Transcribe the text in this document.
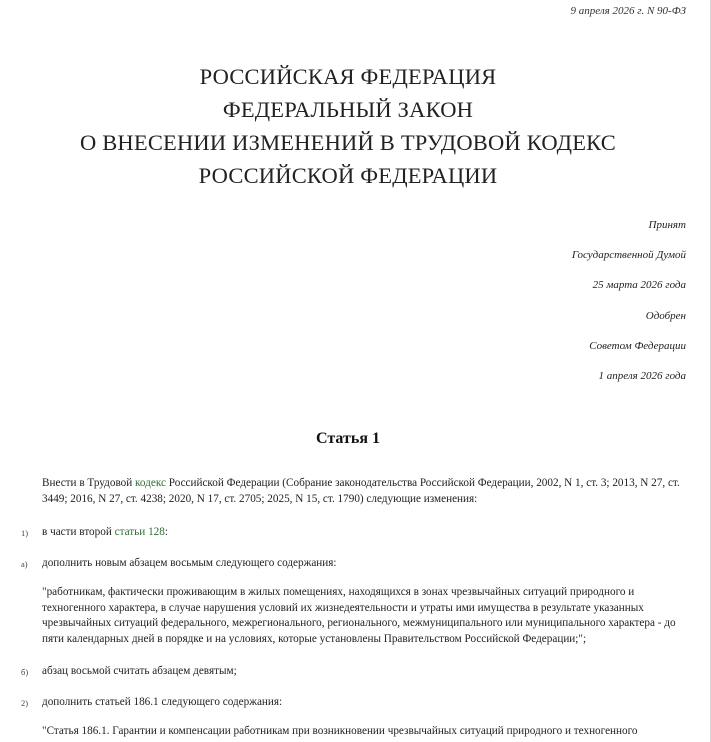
9 апреля 2026 г. N 90-ФЗ
РОССИЙСКАЯ ФЕДЕРАЦИЯ
ФЕДЕРАЛЬНЫЙ ЗАКОН
О ВНЕСЕНИИ ИЗМЕНЕНИЙ В ТРУДОВОЙ КОДЕКС
РОССИЙСКОЙ ФЕДЕРАЦИИ
Принят
Государственной Думой
25 марта 2026 года
Одобрен
Советом Федерации
1 апреля 2026 года
Статья 1
Внести в Трудовой кодекс Российской Федерации (Собрание законодательства Российской Федерации, 2002, N 1, ст. 3; 2013, N 27, ст. 3449; 2016, N 27, ст. 4238; 2020, N 17, ст. 2705; 2025, N 15, ст. 1790) следующие изменения:
1) в части второй статьи 128:
а) дополнить новым абзацем восьмым следующего содержания:
"работникам, фактически проживающим в жилых помещениях, находящихся в зонах чрезвычайных ситуаций природного и техногенного характера, в случае нарушения условий их жизнедеятельности и утраты ими имущества в результате указанных чрезвычайных ситуаций федерального, межрегионального, регионального, межмуниципального или муниципального характера - до пяти календарных дней в порядке и на условиях, которые установлены Правительством Российской Федерации;";
б) абзац восьмой считать абзацем девятым;
2) дополнить статьей 186.1 следующего содержания:
"Статья 186.1. Гарантии и компенсации работникам при возникновении чрезвычайных ситуаций природного и техногенного
